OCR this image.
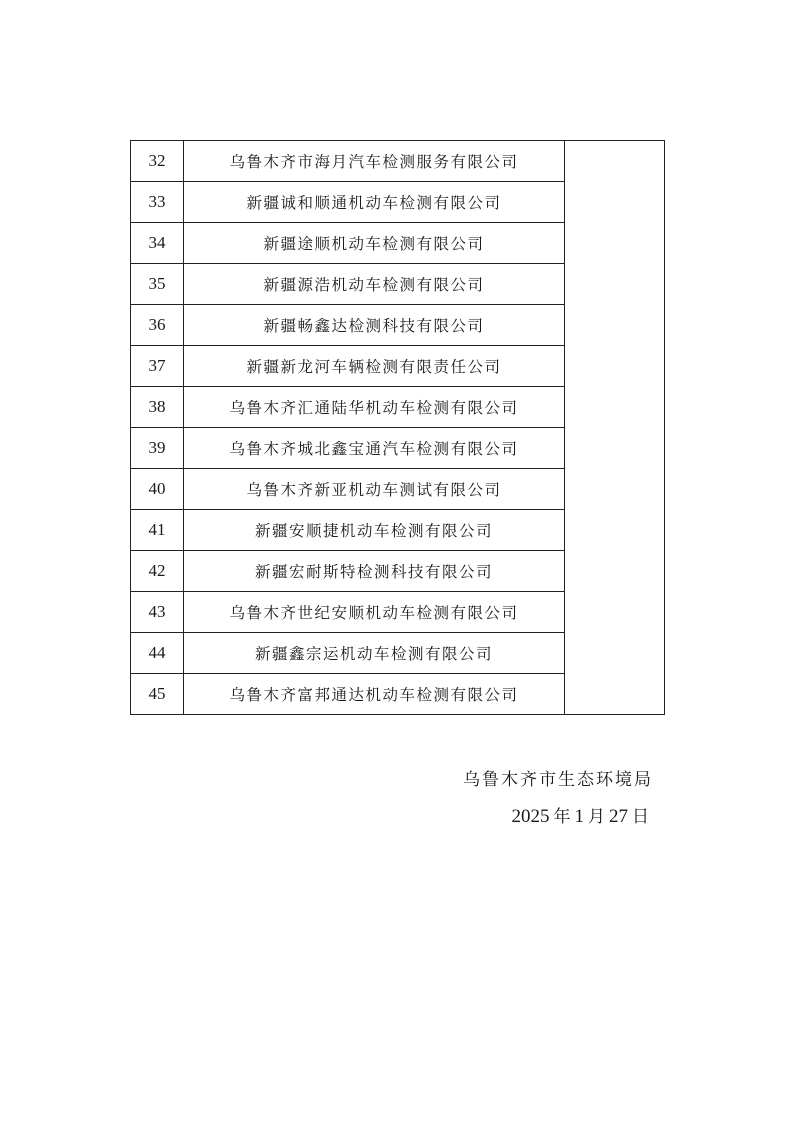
32	乌鲁木齐市海月汽车检测服务有限公司	
33	新疆诚和顺通机动车检测有限公司	
34	新疆途顺机动车检测有限公司	
35	新疆源浩机动车检测有限公司	
36	新疆畅鑫达检测科技有限公司	
37	新疆新龙河车辆检测有限责任公司	
38	乌鲁木齐汇通陆华机动车检测有限公司	
39	乌鲁木齐城北鑫宝通汽车检测有限公司	
40	乌鲁木齐新亚机动车测试有限公司	
41	新疆安顺捷机动车检测有限公司	
42	新疆宏耐斯特检测科技有限公司	
43	乌鲁木齐世纪安顺机动车检测有限公司	
44	新疆鑫宗运机动车检测有限公司	
45	乌鲁木齐富邦通达机动车检测有限公司	
乌鲁木齐市生态环境局
2025 年 1 月 27 日
